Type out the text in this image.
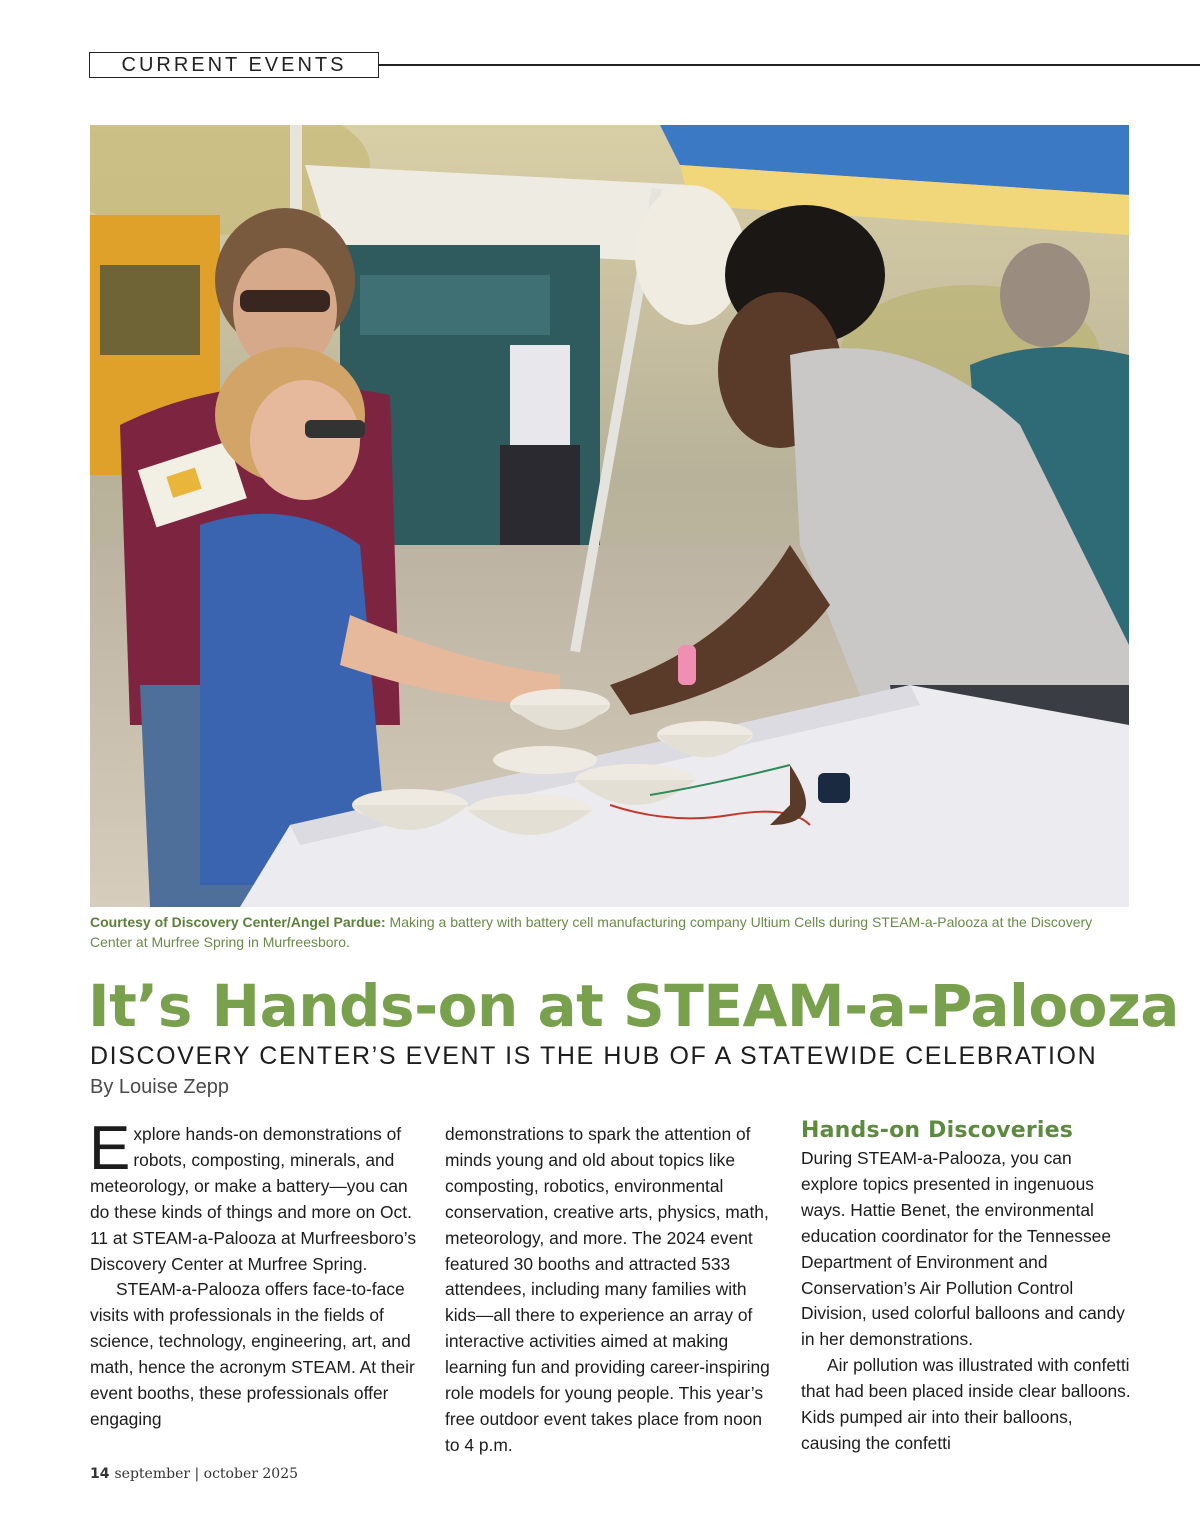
CURRENT EVENTS
Courtesy of Discovery Center/Angel Pardue: Making a battery with battery cell manufacturing company Ultium Cells during STEAM-a-Palooza at the Discovery Center at Murfree Spring in Murfreesboro.
It’s Hands-on at STEAM-a-Palooza
DISCOVERY CENTER’S EVENT IS THE HUB OF A STATEWIDE CELEBRATION
By Louise Zepp

Explore hands-on demonstrations of robots, composting, minerals, and meteorology, or make a battery—you can do these kinds of things and more on Oct. 11 at STEAM-a-Palooza at Murfreesboro’s Discovery Center at Murfree Spring.

STEAM-a-Palooza offers face-to-face visits with professionals in the fields of science, technology, engineering, art, and math, hence the acronym STEAM. At their event booths, these professionals offer engaging

demonstrations to spark the attention of minds young and old about topics like composting, robotics, environmental conservation, creative arts, physics, math, meteorology, and more. The 2024 event featured 30 booths and attracted 533 attendees, including many families with kids—all there to experience an array of interactive activities aimed at making learning fun and providing career-inspiring role models for young people. This year’s free outdoor event takes place from noon to 4 p.m.

Hands-on Discoveries

During STEAM-a-Palooza, you can explore topics presented in ingenuous ways. Hattie Benet, the environmental education coordinator for the Tennessee Department of Environment and Conservation’s Air Pollution Control Division, used colorful balloons and candy in her demonstrations.

Air pollution was illustrated with confetti that had been placed inside clear balloons. Kids pumped air into their balloons, causing the confetti

14 september | october 2025
